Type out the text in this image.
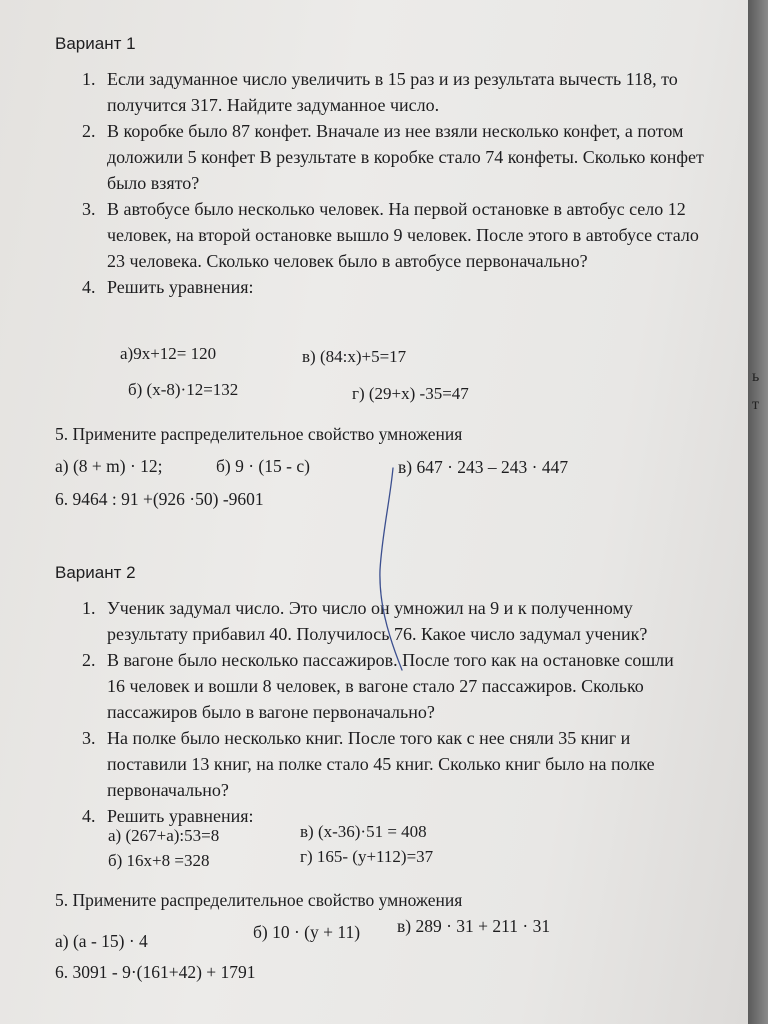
Вариант 1
1. Если задуманное число увеличить в 15 раз и из результата вычесть 118, то получится 317. Найдите задуманное число.
2. В коробке было 87 конфет. Вначале из нее взяли несколько конфет, а потом доложили 5 конфет В результате в коробке стало 74 конфеты. Сколько конфет было взято?
3. В автобусе было несколько человек. На первой остановке в автобус село 12 человек, на второй остановке вышло 9 человек. После этого в автобусе стало 23 человека. Сколько человек было в автобусе первоначально?
4. Решить уравнения:
а)9х+12= 120	в) (84:х)+5=17
б) (х-8)·12=132	г) (29+х) -35=47
5. Примените распределительное свойство умножения
а) (8 + m) · 12;	б) 9 · (15 - c)	в) 647 · 243 – 243 · 447
6. 9464 : 91 +(926 ·50) -9601
Вариант 2
1. Ученик задумал число. Это число он умножил на 9 и к полученному результату прибавил 40. Получилось 76. Какое число задумал ученик?
2. В вагоне было несколько пассажиров. После того как на остановке сошли 16 человек и вошли 8 человек, в вагоне стало 27 пассажиров. Сколько пассажиров было в вагоне первоначально?
3. На полке было несколько книг. После того как с нее сняли 35 книг и поставили 13 книг, на полке стало 45 книг. Сколько книг было на полке первоначально?
4. Решить уравнения:
а) (267+а):53=8	в) (х-36)·51 = 408
б) 16х+8 =328	г) 165- (у+112)=37
5. Примените распределительное свойство умножения
а) (a - 15) · 4	б) 10 · (y + 11) в) 289 · 31 + 211 · 31
6. 3091 - 9·(161+42) + 1791
ь
т
